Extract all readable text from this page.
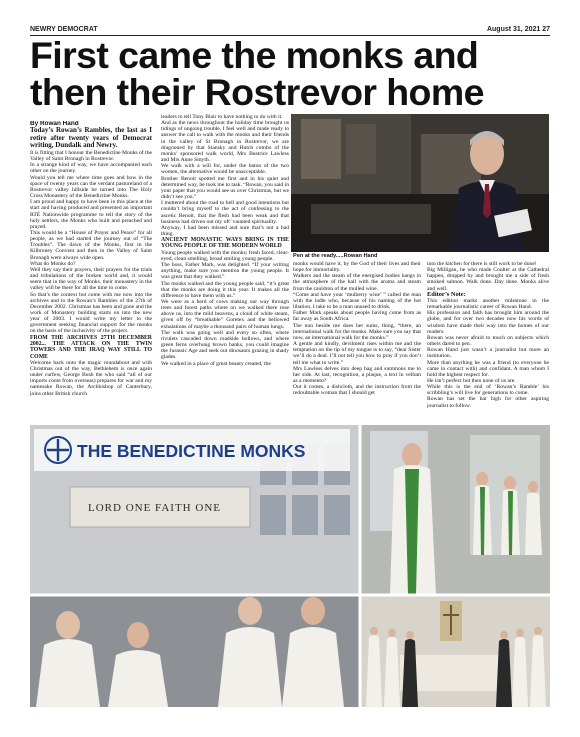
NEWRY DEMOCRAT	August 31, 2021 27
First came the monks and then their Rostrevor home

By Rowan Hand

Today’s Rowan’s Rambles, the last as I retire after twenty years of Democrat writing, Dundalk and Newry.

It is fitting that I honour the Benedictine Monks of the Valley of Saint Bronagh in Rostrevor.

In a strange kind of way, we have accompanied each other on the journey.

Would you tell me where time goes and how in the space of twenty years can the verdant pastureland of a Rostrevor valley hillside be turned into The Holy Cross Monastery of the Benedictine Monks.

I am proud and happy to have been in this place at the start and having produced and presented an important RTÉ Nationwide programme to tell the story of the holy settlers, the Monks who built and preached and prayed.

This would be a “House of Prayer and Peace” for all people, as we had started the journey out of “The Troubles”. The dawn of the Monks, first in the Kilbroney Convent and then in the Valley of Saint Bronagh were always wide open.

What do Monks do?

Well they say their prayers, their prayers for the trials and tribulations of the broken world and, it would seem that in the way of Monks, their monastery in the valley will be there for all the time to come.

So that’s the context but come with me now into the archives and to the Rowan’s Rambles of the 27th of December 2002. Christmas has been and gone and the work of Monastery building starts on into the new year of 2003. I would write my letter to the government seeking financial support for the monks on the basis of the inclusivity of the project.

FROM THE ARCHIVES 27TH DECEMBER 2002... THE ATTACK ON THE TWIN TOWERS AND THE IRAQ WAY STILL TO COME

Welcome back onto the magic roundabout and with Christmas out of the way, Bethlehem is once again under curfew, George Bush the who said “all of our imports come from overseas) prepares for war and my namesake Rowan, the Archbishop of Canterbury, joins other British church

leaders to tell Tony Blair to have nothing to do with it.

And as the news throughout the holiday time brought us tidings of ongoing trouble, I feel well and made ready to answer the call to walk with the monks and their friends in the valley of St Bronagh in Rostrevor, we are dragooned by that Stansky and Hutch combo of the monks’ sponsored walk world, Mrs Beatrice Lawless and Mrs Anne Smyth.

We walk with a will for, under the baton of the two women, the alternative would be unacceptable.

Brother Benoit spotted me first and in his quiet and determined way, he took me to task. “Rowan, you said in your paper that you would see us over Christmas, but we didn’t see you.”

I muttered about the road to hell and good intentions but couldn’t bring myself to the act of confessing to the ascetic Benoit, that the flesh had been weak and that business had driven out my oft’ vaunted spirituality.

Anyway, I had been missed and sure that’s not a bad thing.

ANCIENT MONASTIC WAYS BRING IN THE YOUNG PEOPLE OF THE MODERN WORLD

Young people walked with the monks; fresh faced, clear-eyed, clean smelling, broad smiling young people.

The boss, Father Mark, was delighted. “If your writing anything, make sure you mention the young people. It was great that they walked.”

The monks walked and the young people said, “it’s great that the monks are doing it this year. It makes all the difference to have them with us.”

We were as a herd of cows making our way through trees and forest paths where on we walked there rose above us, into the mild heavens, a cloud of white steam, given off by “breathable” Goretex and the bellowed exhalations of maybe a thousand pairs of human lungs.

The walk was going well and every so often, where rivulets cascaded down roadside hollows, and where green ferns overhung brown banks, you could imagine the Jurassic Age and seek out dinosaurs grazing in shady glades.

We walked in a place of great beauty created, the

Pen at the ready.....Rowan Hand

monks would have it, by the God of their lives and their hope for immortality.

Walkers and the steam of the energised bodies hangs in the atmosphere of the hall with the aroma and steam from the cauldron of the mulled wine.

“Come and have your ‘mulberry wine’ ” called the man with the ladle who, because of his naming of the hot libation, I take to be a man unused to drink.

Father Mark speaks about people having come from as far away as South Africa.

The nun beside me does her sums, thing, “there, an international walk for the monks. Make sure you say that now, an international walk for the monks.”

A gentle and kindly, devilment rises within me and the temptation on the tip of my tongue is to say, “dear Sister we’ll do a deal. I’ll not tell you how to pray if you don’t tell me what to write.”

Mrs Lawless delves into deep bag and summons me to her side. At last, recognition, a plaque, a text in vellum as a memento?

Out it comes, a dishcloth, and the instruction from the redoubtable woman that I should get

into the kitchen for there is still work to be done!

Big Milligan, he who made Coulter at the Cathedral happen, dropped by and brought me a side of fresh smoked salmon. Walk done. Day done. Monks alive and well.

Editor’s Note:

This edition marks another milestone in the remarkable journalistic career of Rowan Hand.

His profession and faith has brought him around the globe, and for over two decades now his words of wisdom have made their way into the homes of our readers.

Rowan was never afraid to touch on subjects which others dared to pen.

Rowan Hand just wasn’t a journalist but more an institution.

More than anything he was a friend (to everyone he came in contact with) and confidant. A man whom I hold the highest respect for.

He isn’t perfect but then none of us are.

While this is the end of ‘Rowan’s Ramble’ his scribbling’s will live for generations to come.

Rowan has set the bar high for other aspiring journalist to follow.

LORD ONE FAITH ONE
THE BENEDICTINE MONKS
